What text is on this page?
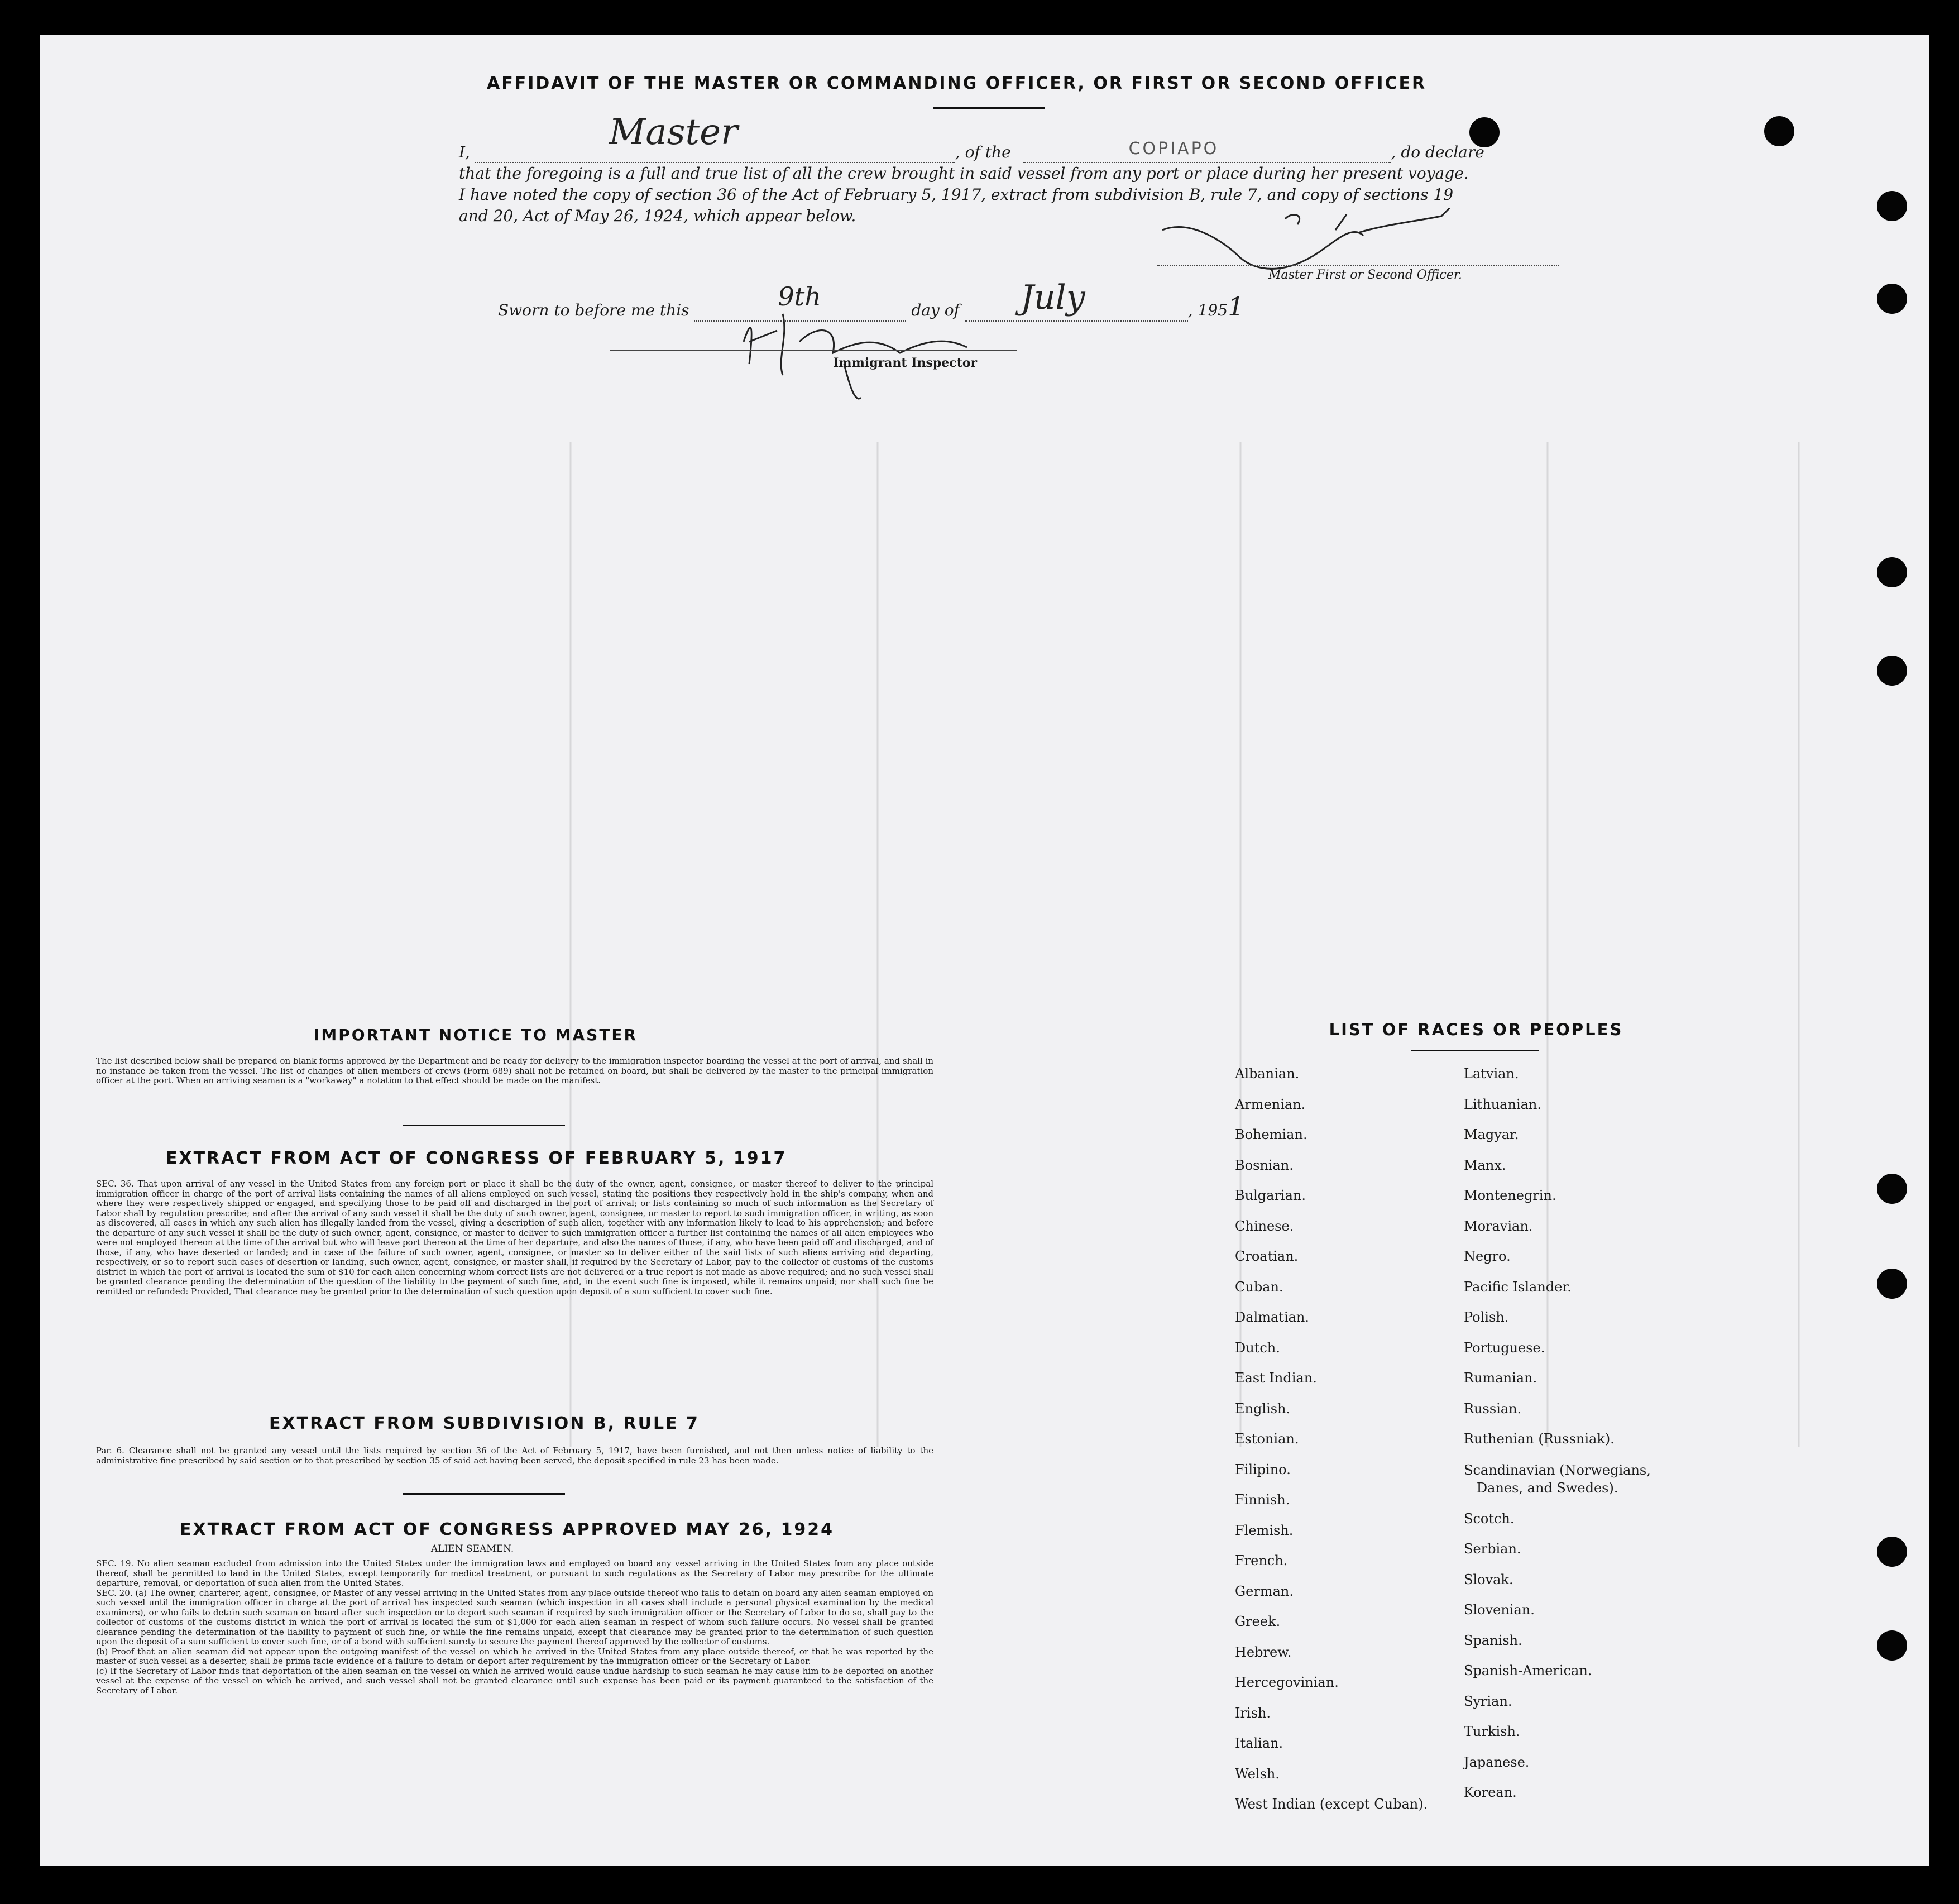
AFFIDAVIT OF THE MASTER OR COMMANDING OFFICER, OR FIRST OR SECOND OFFICER
I,	Master	, of the	COPIAPO	, do declare
that the foregoing is a full and true list of all the crew brought in said vessel from any port or place during her present voyage.
I have noted the copy of section 36 of the Act of February 5, 1917, extract from subdivision B, rule 7, and copy of sections 19
and 20, Act of May 26, 1924, which appear below.
Master First or Second Officer.
Sworn to before me this	9th	day of July	, 1951
Immigrant Inspector
IMPORTANT NOTICE TO MASTER
The list described below shall be prepared on blank forms approved by the Department and be ready for delivery to the immigration inspector boarding the vessel at the port of arrival, and shall in no instance be taken from the vessel. The list of changes of alien members of crews (Form 689) shall not be retained on board, but shall be delivered by the master to the principal immigration officer at the port. When an arriving seaman is a "workaway" a notation to that effect should be made on the manifest.
EXTRACT FROM ACT OF CONGRESS OF FEBRUARY 5, 1917
SEC. 36. That upon arrival of any vessel in the United States from any foreign port or place it shall be the duty of the owner, agent, consignee, or master thereof to deliver to the principal immigration officer in charge of the port of arrival lists containing the names of all aliens employed on such vessel, stating the positions they respectively hold in the ship's company, when and where they were respectively shipped or engaged, and specifying those to be paid off and discharged in the port of arrival; or lists containing so much of such information as the Secretary of Labor shall by regulation prescribe; and after the arrival of any such vessel it shall be the duty of such owner, agent, consignee, or master to report to such immigration officer, in writing, as soon as discovered, all cases in which any such alien has illegally landed from the vessel, giving a description of such alien, together with any information likely to lead to his apprehension; and before the departure of any such vessel it shall be the duty of such owner, agent, consignee, or master to deliver to such immigration officer a further list containing the names of all alien employees who were not employed thereon at the time of the arrival but who will leave port thereon at the time of her departure, and also the names of those, if any, who have been paid off and discharged, and of those, if any, who have deserted or landed; and in case of the failure of such owner, agent, consignee, or master so to deliver either of the said lists of such aliens arriving and departing, respectively, or so to report such cases of desertion or landing, such owner, agent, consignee, or master shall, if required by the Secretary of Labor, pay to the collector of customs of the customs district in which the port of arrival is located the sum of $10 for each alien concerning whom correct lists are not delivered or a true report is not made as above required; and no such vessel shall be granted clearance pending the determination of the question of the liability to the payment of such fine, and, in the event such fine is imposed, while it remains unpaid; nor shall such fine be remitted or refunded: Provided, That clearance may be granted prior to the determination of such question upon deposit of a sum sufficient to cover such fine.
EXTRACT FROM SUBDIVISION B, RULE 7
Par. 6. Clearance shall not be granted any vessel until the lists required by section 36 of the Act of February 5, 1917, have been furnished, and not then unless notice of liability to the administrative fine prescribed by said section or to that prescribed by section 35 of said act having been served, the deposit specified in rule 23 has been made.
EXTRACT FROM ACT OF CONGRESS APPROVED MAY 26, 1924
ALIEN SEAMEN.
SEC. 19. No alien seaman excluded from admission into the United States under the immigration laws and employed on board any vessel arriving in the United States from any place outside thereof, shall be permitted to land in the United States, except temporarily for medical treatment, or pursuant to such regulations as the Secretary of Labor may prescribe for the ultimate departure, removal, or deportation of such alien from the United States.
SEC. 20. (a) The owner, charterer, agent, consignee, or Master of any vessel arriving in the United States from any place outside thereof who fails to detain on board any alien seaman employed on such vessel until the immigration officer in charge at the port of arrival has inspected such seaman (which inspection in all cases shall include a personal physical examination by the medical examiners), or who fails to detain such seaman on board after such inspection or to deport such seaman if required by such immigration officer or the Secretary of Labor to do so, shall pay to the collector of customs of the customs district in which the port of arrival is located the sum of $1,000 for each alien seaman in respect of whom such failure occurs. No vessel shall be granted clearance pending the determination of the liability to payment of such fine, or while the fine remains unpaid, except that clearance may be granted prior to the determination of such question upon the deposit of a sum sufficient to cover such fine, or of a bond with sufficient surety to secure the payment thereof approved by the collector of customs.
(b) Proof that an alien seaman did not appear upon the outgoing manifest of the vessel on which he arrived in the United States from any place outside thereof, or that he was reported by the master of such vessel as a deserter, shall be prima facie evidence of a failure to detain or deport after requirement by the immigration officer or the Secretary of Labor.
(c) If the Secretary of Labor finds that deportation of the alien seaman on the vessel on which he arrived would cause undue hardship to such seaman he may cause him to be deported on another vessel at the expense of the vessel on which he arrived, and such vessel shall not be granted clearance until such expense has been paid or its payment guaranteed to the satisfaction of the Secretary of Labor.
LIST OF RACES OR PEOPLES
Albanian.
Armenian.
Bohemian.
Bosnian.
Bulgarian.
Chinese.
Croatian.
Cuban.
Dalmatian.
Dutch.
East Indian.
English.
Estonian.
Filipino.
Finnish.
Flemish.
French.
German.
Greek.
Hebrew.
Hercegovinian.
Irish.
Italian.
Welsh.
West Indian (except Cuban).
Latvian.
Lithuanian.
Magyar.
Manx.
Montenegrin.
Moravian.
Negro.
Pacific Islander.
Polish.
Portuguese.
Rumanian.
Russian.
Ruthenian (Russniak).
Scandinavian (Norwegians,
Danes, and Swedes).
Scotch.
Serbian.
Slovak.
Slovenian.
Spanish.
Spanish-American.
Syrian.
Turkish.
Japanese.
Korean.
